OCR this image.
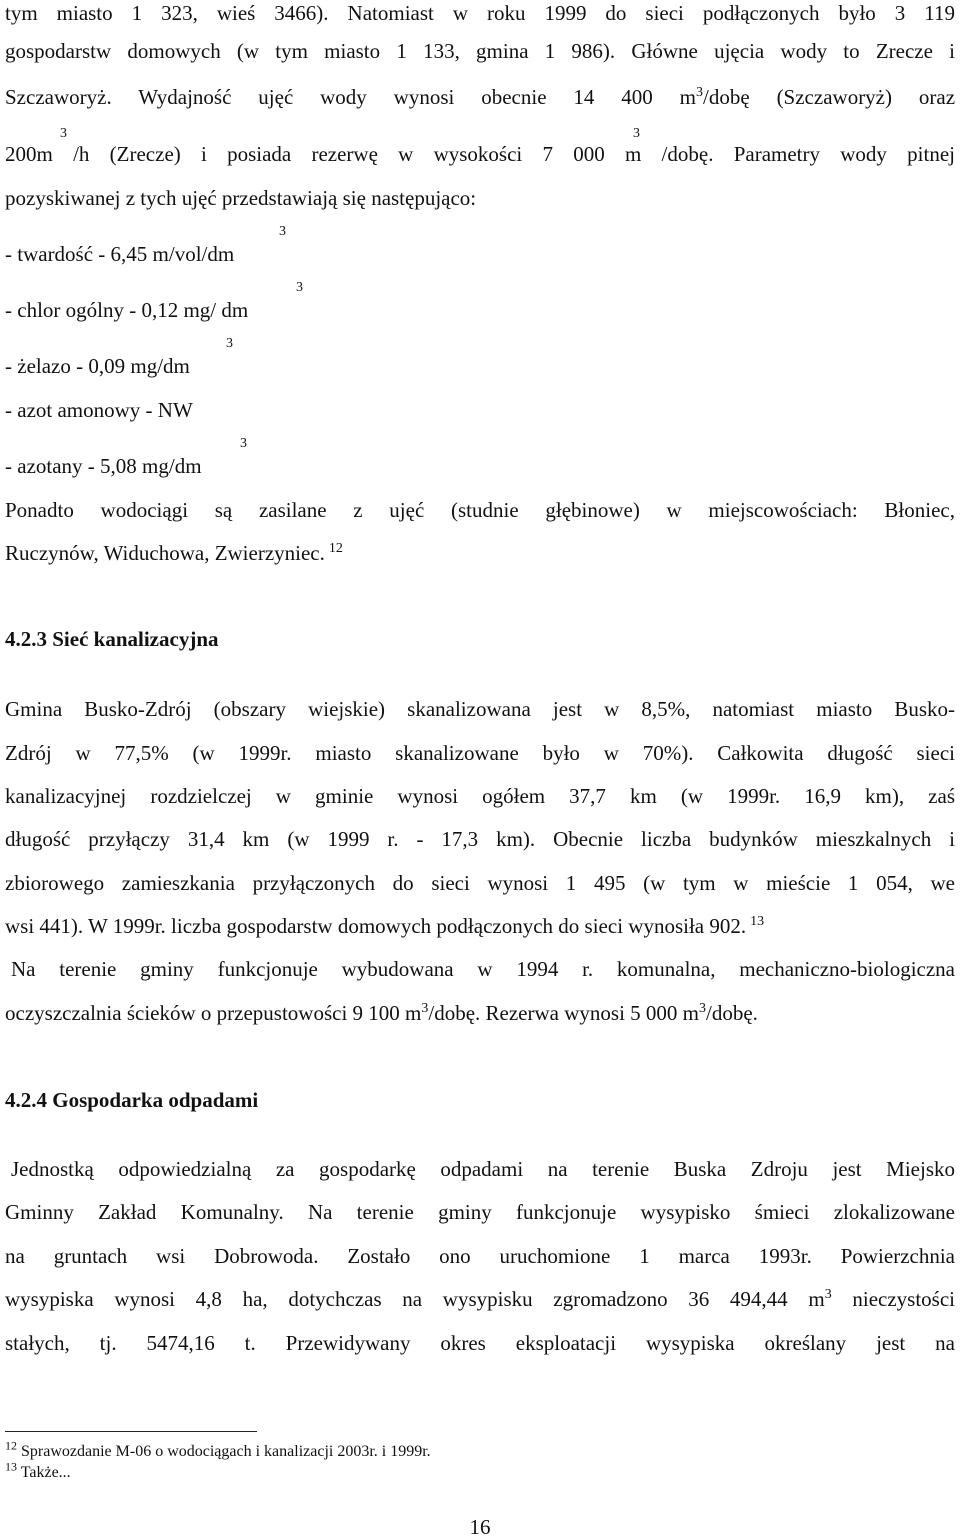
tym miasto 1 323, wieś 3466). Natomiast w roku 1999 do sieci podłączonych było 3 119
gospodarstw domowych (w tym miasto 1 133, gmina 1 986). Główne ujęcia wody to Zrecze i
Szczaworyż. Wydajność ujęć wody wynosi obecnie 14 400 $m^3$/dobę (Szczaworyż) oraz
3	3
200m /h (Zrecze) i posiada rezerwę w wysokości 7 000 m /dobę. Parametry wody pitnej
pozyskiwanej z tych ujęć przedstawiają się następująco:
- twardość - 6,45 m/vol/dm
3
- chlor ogólny - 0,12 mg/ dm
3
- żelazo - 0,09 mg/dm
3
- azot amonowy - NW
- azotany - 5,08 mg/dm
3
Ponadto wodociągi są zasilane z ujęć (studnie głębinowe) w miejscowościach: Błoniec,
Ruczynów, Widuchowa, Zwierzyniec. $^{12}$
4.2.3 Sieć kanalizacyjna
Gmina Busko-Zdrój (obszary wiejskie) skanalizowana jest w 8,5%, natomiast miasto Busko-
Zdrój w 77,5% (w 1999r. miasto skanalizowane było w 70%). Całkowita długość sieci
kanalizacyjnej rozdzielczej w gminie wynosi ogółem 37,7 km (w 1999r. 16,9 km), zaś
długość przyłączy 31,4 km (w 1999 r. - 17,3 km). Obecnie liczba budynków mieszkalnych i
zbiorowego zamieszkania przyłączonych do sieci wynosi 1 495 (w tym w mieście 1 054, we
wsi 441). W 1999r. liczba gospodarstw domowych podłączonych do sieci wynosiła 902. $^{13}$
Na terenie gminy funkcjonuje wybudowana w 1994 r. komunalna, mechaniczno-biologiczna
oczyszczalnia ścieków o przepustowości 9 100 $m^3$/dobę. Rezerwa wynosi 5 000 $m^3$/dobę.
4.2.4 Gospodarka odpadami
Jednostką odpowiedzialną za gospodarkę odpadami na terenie Buska Zdroju jest Miejsko
Gminny Zakład Komunalny. Na terenie gminy funkcjonuje wysypisko śmieci zlokalizowane
na gruntach wsi Dobrowoda. Zostało ono uruchomione 1 marca 1993r. Powierzchnia
wysypiska wynosi 4,8 ha, dotychczas na wysypisku zgromadzono 36 494,44 $m^3$ nieczystości
stałych, tj. 5474,16 t. Przewidywany okres eksploatacji wysypiska określany jest na
$^{12}$ Sprawozdanie M-06 o wodociągach i kanalizacji 2003r. i 1999r.
$^{13}$ Także...
16
